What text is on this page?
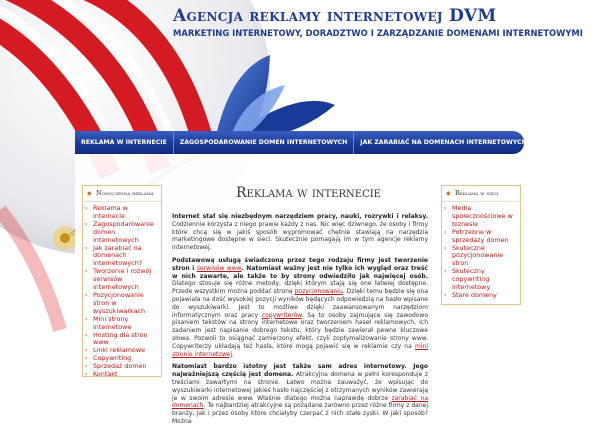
Agencja reklamy internetowej DVM

MARKETING INTERNETOWY, DORADZTWO I ZARZĄDZANIE DOMENAMI INTERNETOWYMI

REKLAMA W INTERNECIE	ZAGOSPODAROWANIE DOMEN INTERNETOWYCH	JAK ZARABIAĆ NA DOMENACH INTERNETOWYCH?
◆ Nowoczesna reklama
› Reklama w internecie
› Zagospodarowanie domen internetowych
› Jak zarabiać na domenach internetowych?
› Tworzenie i rozwój serwisów internetowych
› Pozycjonowanie stron w wyszukiwarkach
› Mini strony internetowe
› Hosting dla stron www
› Linki reklamowe
› Copywriting
› Sprzedaż domen
› Kontakt
Reklama w internecie

Internet stał się niezbędnym narzędziem pracy, nauki, rozrywki i relaksy. Codziennie korzysta z niego prawie każdy z nas. Nic więc dziwnego, że osoby i firmy które chcą się w jakiś sposób wypromować chętnie stawiają na narzędzia marketingowe dostępne w sieci. Skutecznie pomagają im w tym agencje reklamy internetowej.

Podstawową usługą świadczoną przez tego rodzaju firmy jest tworzenie stron i serwisów www. Natomiast ważny jest nie tylko ich wygląd oraz treść w nich zawarte, ale także to by strony odwiedziło jak najwięcej osób. Dlatego stosuje się różne metody, dzięki którym stają się one łatwiej dostępne. Przede wszystkim można poddać stronę pozycjonowaniu. Dzięki temu będzie się ona pojawiała na dość wysokiej pozycji wyników będących odpowiedzią na hasło wpisane do wyszukiwarki. Jest to możliwe dzięki zaawansowanym narzędziom informatycznym oraz pracy copywriterów. Są to osoby zajmujące się zawodowo pisaniem tekstów na strony internetowe oraz tworzeniem haseł reklamowych. Ich zadaniem jest napisanie dobrego tekstu, który będzie zawierał pewne kluczowe słowa. Pozwoli to osiągnąć zamierzony efekt, czyli zoptymalizowanie strony www. Copywriterzy układają też hasła, które mogą pojawić się w reklamie czy na mini stronie internetowej.

Natomiast bardzo istotny jest także sam adres internetowy. Jego najważniejszą częścią jest domena. Atrakcyjna domena w pełni koresponduje z treściami zawartymi na stronie. Łatwo można zauważyć, że wpisując do wyszukiwarki internetowej jakieś hasło najczęściej z otrzymanych wyników zawierają je w swoim adresie www. Właśnie dlatego można naprawdę dobrze zarabiać na domenach. Te najbardziej atrakcyjne są pożądane zarówno przez różne firmy z danej branży, jak i przez osoby które chciałyby czerpać z nich stałe zyski. W jaki sposób? Można

◆ Reklama w sieci
› Media społecznościowe w biznesie
› Potrzebne w sprzedaży domen
› Skuteczne pozycjonowanie stron
› Skuteczny copywriting internetowy
› Stare domeny
